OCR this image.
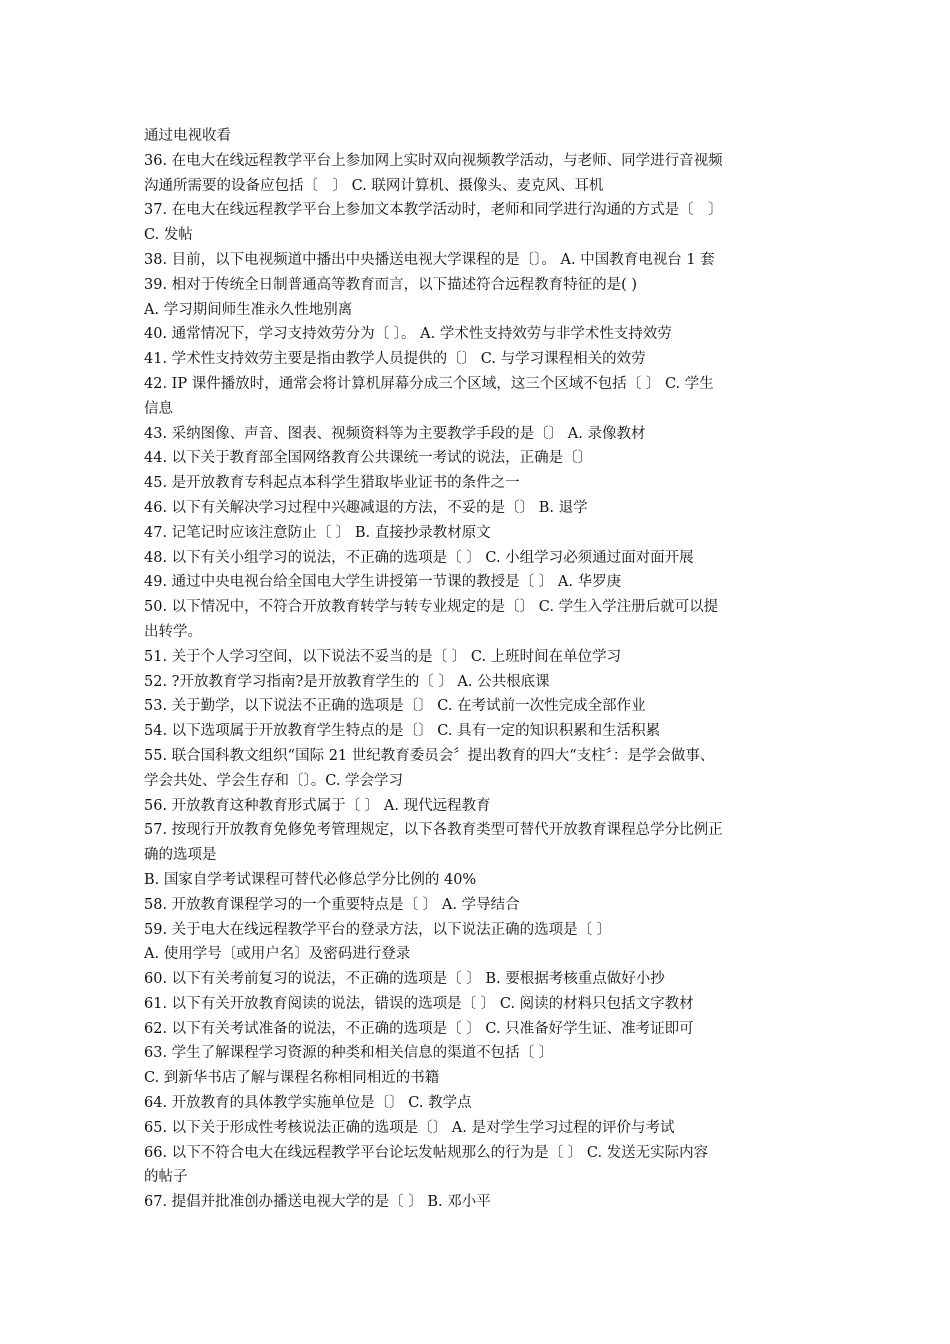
通过电视收看
36. 在电大在线远程教学平台上参加网上实时双向视频教学活动，与老师、同学进行音视频
沟通所需要的设备应包括〔　〕 C. 联网计算机、摄像头、麦克风、耳机
37. 在电大在线远程教学平台上参加文本教学活动时，老师和同学进行沟通的方式是〔　〕
C. 发帖
38. 目前，以下电视频道中播出中央播送电视大学课程的是〔〕。 A. 中国教育电视台 1 套
39. 相对于传统全日制普通高等教育而言，以下描述符合远程教育特征的是( )
A. 学习期间师生准永久性地别离
40. 通常情况下，学习支持效劳分为〔 〕。 A. 学术性支持效劳与非学术性支持效劳
41. 学术性支持效劳主要是指由教学人员提供的〔〕 C. 与学习课程相关的效劳
42. IP 课件播放时，通常会将计算机屏幕分成三个区域，这三个区域不包括〔 〕 C. 学生
信息
43. 采纳图像、声音、图表、视频资料等为主要教学手段的是〔〕 A. 录像教材
44. 以下关于教育部全国网络教育公共课统一考试的说法，正确是〔〕
45. 是开放教育专科起点本科学生猎取毕业证书的条件之一
46. 以下有关解决学习过程中兴趣减退的方法，不妥的是〔〕 B. 退学
47. 记笔记时应该注意防止〔 〕 B. 直接抄录教材原文
48. 以下有关小组学习的说法，不正确的选项是〔 〕 C. 小组学习必须通过面对面开展
49. 通过中央电视台给全国电大学生讲授第一节课的教授是〔 〕 A. 华罗庚
50. 以下情况中，不符合开放教育转学与转专业规定的是〔〕 C. 学生入学注册后就可以提
出转学。
51. 关于个人学习空间，以下说法不妥当的是〔 〕 C. 上班时间在单位学习
52. ?开放教育学习指南?是开放教育学生的〔 〕 A. 公共根底课
53. 关于勤学，以下说法不正确的选项是〔〕 C. 在考试前一次性完成全部作业
54. 以下选项属于开放教育学生特点的是〔〕 C. 具有一定的知识积累和生活积累
55. 联合国科教文组织“国际 21 世纪教育委员会〞提出教育的四大“支柱〞：是学会做事、
学会共处、学会生存和〔〕。C. 学会学习
56. 开放教育这种教育形式属于〔 〕 A. 现代远程教育
57. 按现行开放教育免修免考管理规定，以下各教育类型可替代开放教育课程总学分比例正
确的选项是
B. 国家自学考试课程可替代必修总学分比例的 40%
58. 开放教育课程学习的一个重要特点是〔 〕 A. 学导结合
59. 关于电大在线远程教学平台的登录方法，以下说法正确的选项是〔 〕
A. 使用学号〔或用户名〕及密码进行登录
60. 以下有关考前复习的说法，不正确的选项是〔 〕 B. 要根据考核重点做好小抄
61. 以下有关开放教育阅读的说法，错误的选项是〔 〕 C. 阅读的材料只包括文字教材
62. 以下有关考试准备的说法，不正确的选项是〔 〕 C. 只准备好学生证、准考证即可
63. 学生了解课程学习资源的种类和相关信息的渠道不包括〔 〕
C. 到新华书店了解与课程名称相同相近的书籍
64. 开放教育的具体教学实施单位是〔〕 C. 教学点
65. 以下关于形成性考核说法正确的选项是〔〕 A. 是对学生学习过程的评价与考试
66. 以下不符合电大在线远程教学平台论坛发帖规那么的行为是〔 〕 C. 发送无实际内容
的帖子
67. 提倡并批准创办播送电视大学的是〔 〕 B. 邓小平
